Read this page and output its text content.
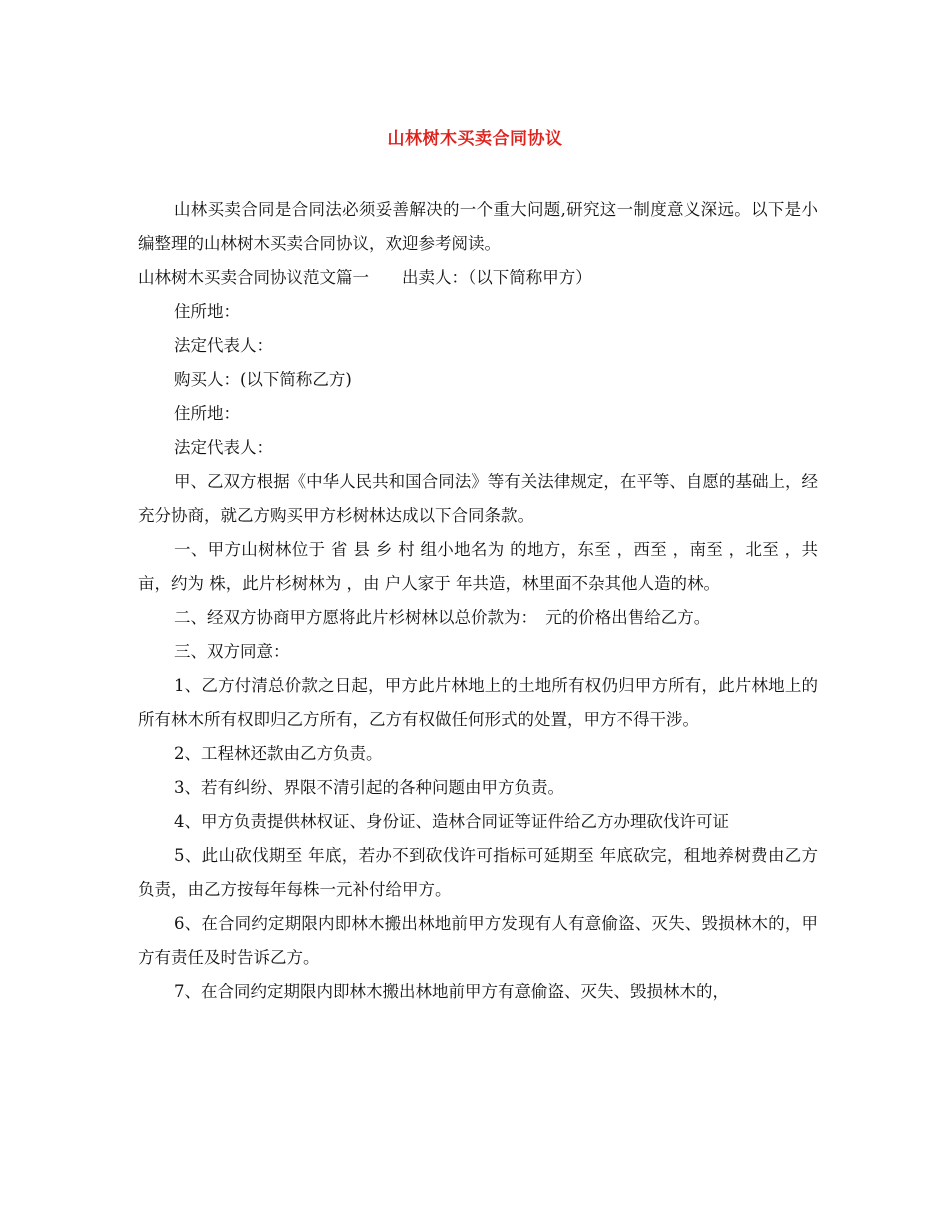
山林树木买卖合同协议

山林买卖合同是合同法必须妥善解决的一个重大问题,研究这一制度意义深远。以下是小编整理的山林树木买卖合同协议，欢迎参考阅读。

山林树木买卖合同协议范文篇一　　出卖人：（以下简称甲方）

住所地：

法定代表人：

购买人：(以下简称乙方)

住所地：

法定代表人：

甲、乙双方根据《中华人民共和国合同法》等有关法律规定，在平等、自愿的基础上，经充分协商，就乙方购买甲方杉树林达成以下合同条款。

一、甲方山树林位于 省 县 乡 村 组小地名为 的地方，东至 ，西至 ，南至 ，北至 ，共 亩，约为 株，此片杉树林为 ，由 户人家于 年共造，林里面不杂其他人造的林。

二、经双方协商甲方愿将此片杉树林以总价款为：　元的价格出售给乙方。

三、双方同意：

1、乙方付清总价款之日起，甲方此片林地上的土地所有权仍归甲方所有，此片林地上的所有林木所有权即归乙方所有，乙方有权做任何形式的处置，甲方不得干涉。

2、工程林还款由乙方负责。

3、若有纠纷、界限不清引起的各种问题由甲方负责。

4、甲方负责提供林权证、身份证、造林合同证等证件给乙方办理砍伐许可证

5、此山砍伐期至 年底，若办不到砍伐许可指标可延期至 年底砍完，租地养树费由乙方负责，由乙方按每年每株一元补付给甲方。

6、在合同约定期限内即林木搬出林地前甲方发现有人有意偷盗、灭失、毁损林木的，甲方有责任及时告诉乙方。

7、在合同约定期限内即林木搬出林地前甲方有意偷盗、灭失、毁损林木的，
